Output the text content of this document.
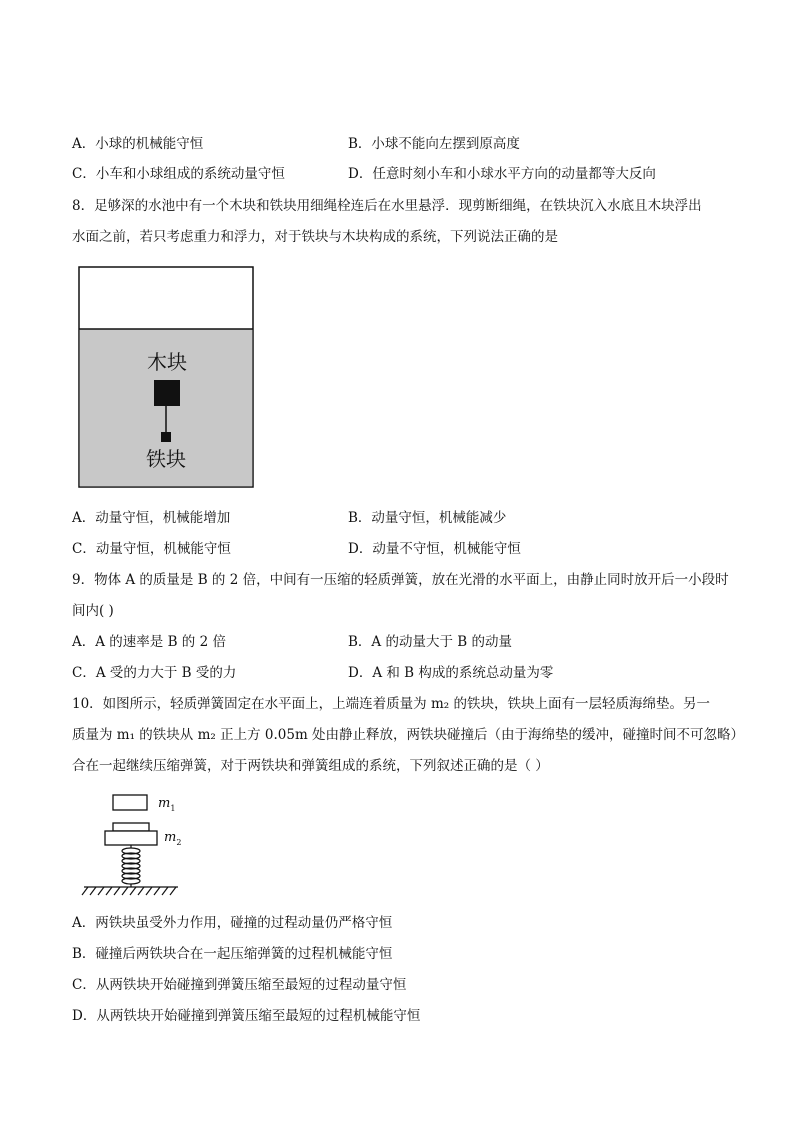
A．小球的机械能守恒	B．小球不能向左摆到原高度
C．小车和小球组成的系统动量守恒	D．任意时刻小车和小球水平方向的动量都等大反向
8．足够深的水池中有一个木块和铁块用细绳栓连后在水里悬浮．现剪断细绳，在铁块沉入水底且木块浮出
水面之前，若只考虑重力和浮力，对于铁块与木块构成的系统，下列说法正确的是
木块
铁块
A．动量守恒，机械能增加	B．动量守恒，机械能减少
C．动量守恒，机械能守恒	D．动量不守恒，机械能守恒
9．物体 A 的质量是 B 的 2 倍，中间有一压缩的轻质弹簧，放在光滑的水平面上，由静止同时放开后一小段时
间内( )
A．A 的速率是 B 的 2 倍	B．A 的动量大于 B 的动量
C．A 受的力大于 B 受的力	D．A 和 B 构成的系统总动量为零
10．如图所示，轻质弹簧固定在水平面上，上端连着质量为 m₂ 的铁块，铁块上面有一层轻质海绵垫。另一
质量为 m₁ 的铁块从 m₂ 正上方 0.05m 处由静止释放，两铁块碰撞后（由于海绵垫的缓冲，碰撞时间不可忽略）
合在一起继续压缩弹簧，对于两铁块和弹簧组成的系统，下列叙述正确的是（ ）
$m_1$
$m_2$
A．两铁块虽受外力作用，碰撞的过程动量仍严格守恒
B．碰撞后两铁块合在一起压缩弹簧的过程机械能守恒
C．从两铁块开始碰撞到弹簧压缩至最短的过程动量守恒
D．从两铁块开始碰撞到弹簧压缩至最短的过程机械能守恒
